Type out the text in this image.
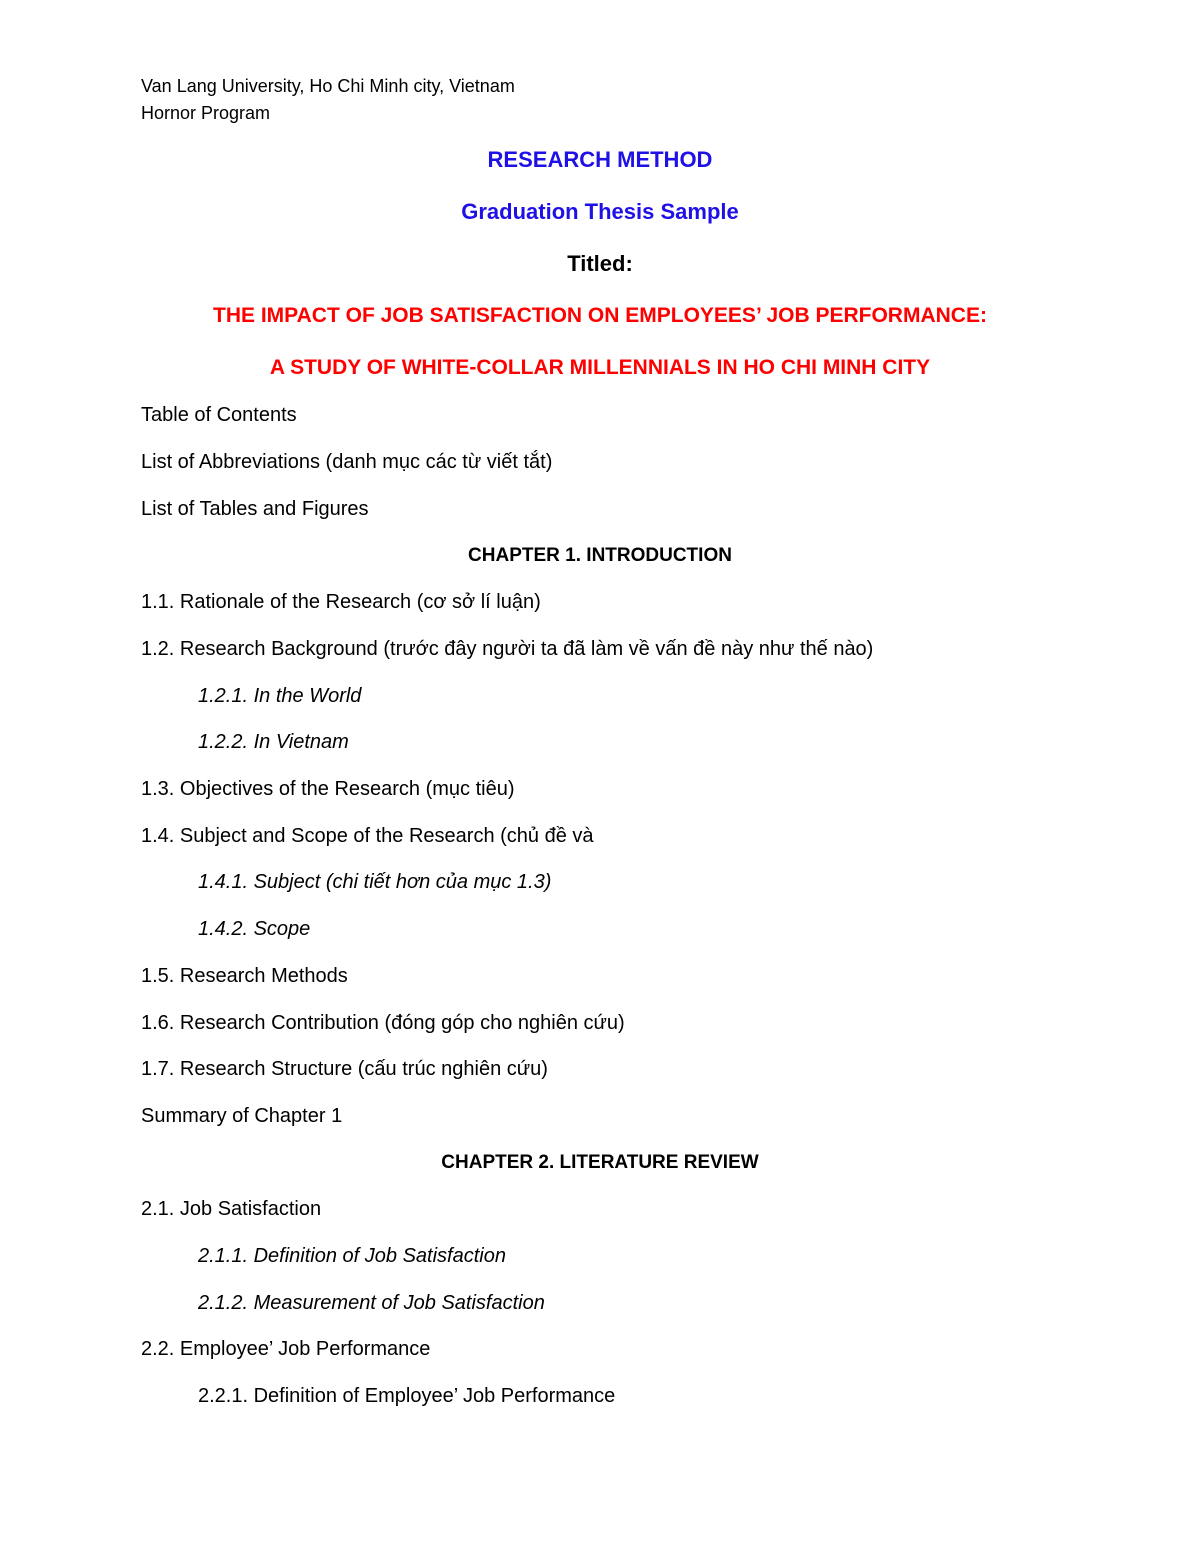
Van Lang University, Ho Chi Minh city, Vietnam
Hornor Program
RESEARCH METHOD
Graduation Thesis Sample
Titled:
THE IMPACT OF JOB SATISFACTION ON EMPLOYEES’ JOB PERFORMANCE:
A STUDY OF WHITE-COLLAR MILLENNIALS IN HO CHI MINH CITY
Table of Contents
List of Abbreviations (danh mục các từ viết tắt)
List of Tables and Figures
CHAPTER 1. INTRODUCTION
1.1. Rationale of the Research (cơ sở lí luận)
1.2. Research Background (trước đây người ta đã làm về vấn đề này như thế nào)
1.2.1. In the World
1.2.2. In Vietnam
1.3. Objectives of the Research (mục tiêu)
1.4. Subject and Scope of the Research (chủ đề và
1.4.1. Subject (chi tiết hơn của mục 1.3)
1.4.2. Scope
1.5. Research Methods
1.6. Research Contribution (đóng góp cho nghiên cứu)
1.7. Research Structure (cấu trúc nghiên cứu)
Summary of Chapter 1
CHAPTER 2. LITERATURE REVIEW
2.1. Job Satisfaction
2.1.1. Definition of Job Satisfaction
2.1.2. Measurement of Job Satisfaction
2.2. Employee’ Job Performance
2.2.1. Definition of Employee’ Job Performance
